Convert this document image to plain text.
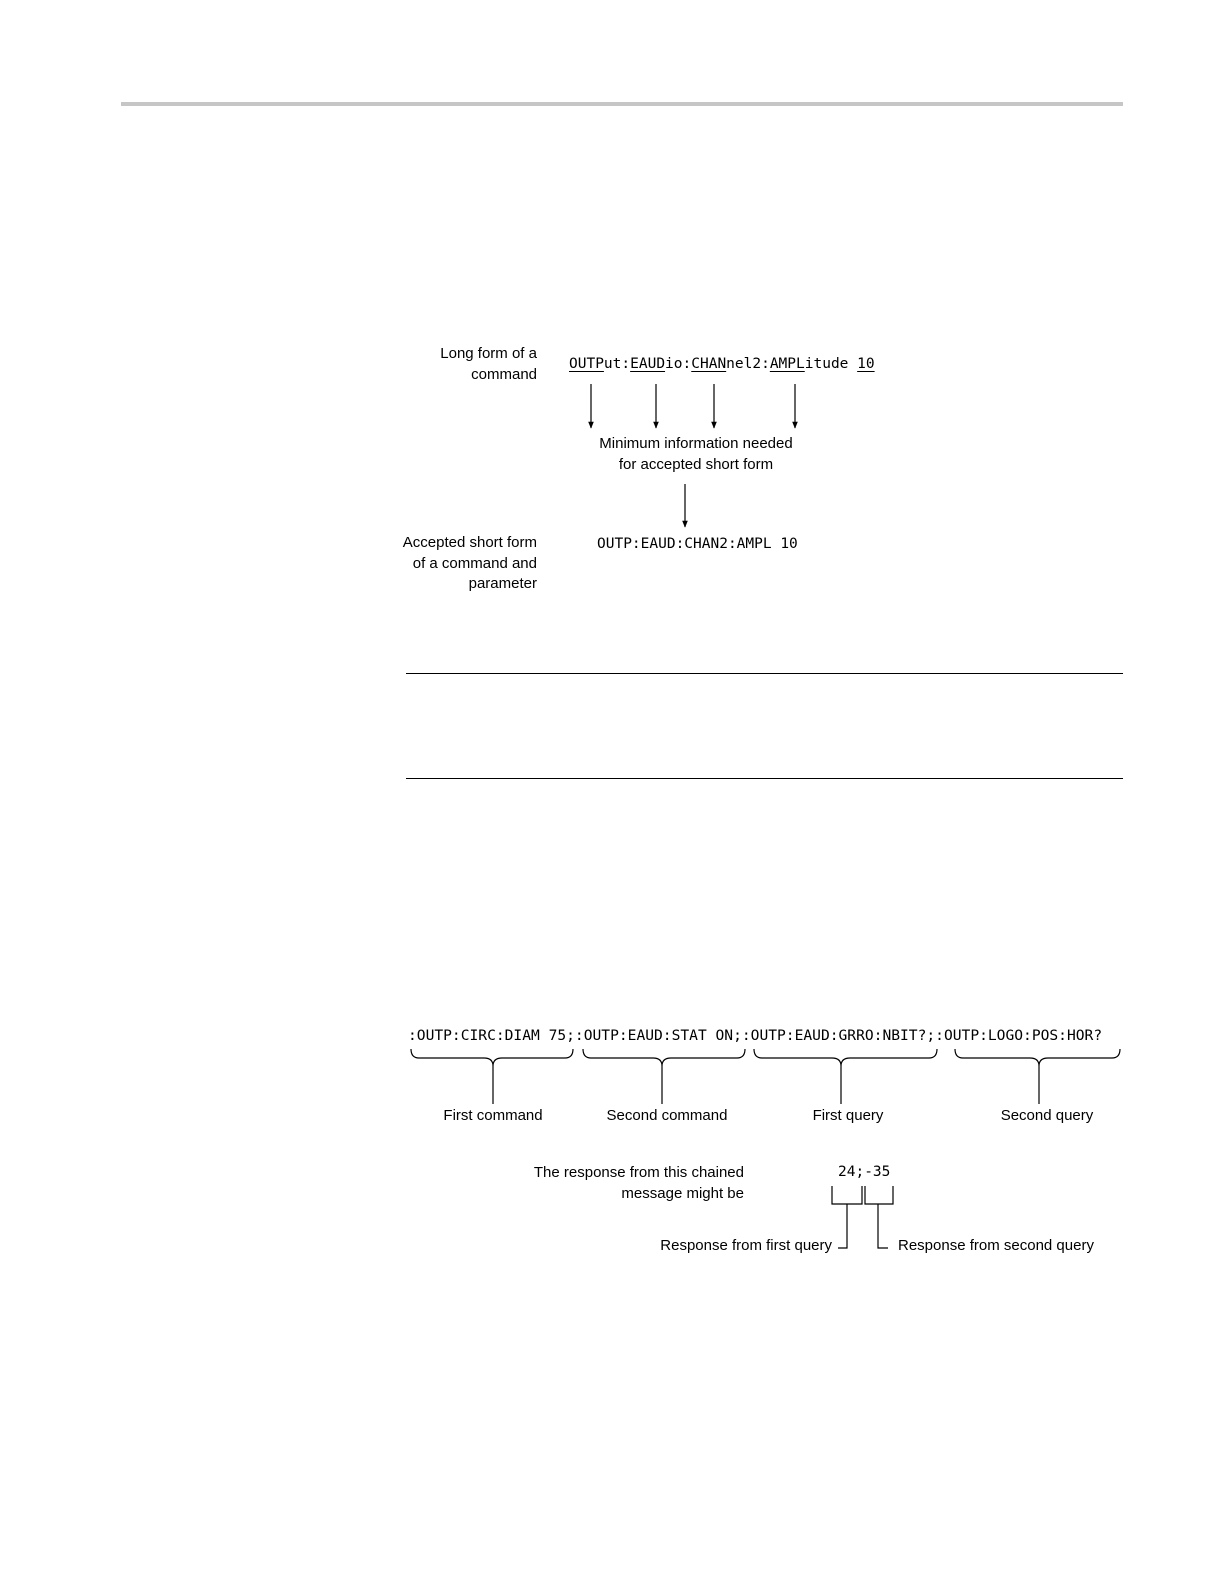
Long form of a
command
OUTPut:EAUDio:CHANnel2:AMPLitude 10
Minimum information needed
for accepted short form
Accepted short form
of a command and
parameter
OUTP:EAUD:CHAN2:AMPL 10
:OUTP:CIRC:DIAM 75;:OUTP:EAUD:STAT ON;:OUTP:EAUD:GRRO:NBIT?;:OUTP:LOGO:POS:HOR?
First command	Second command	First query	Second query
The response from this chained
message might be
24;-35
Response from first query	Response from second query
